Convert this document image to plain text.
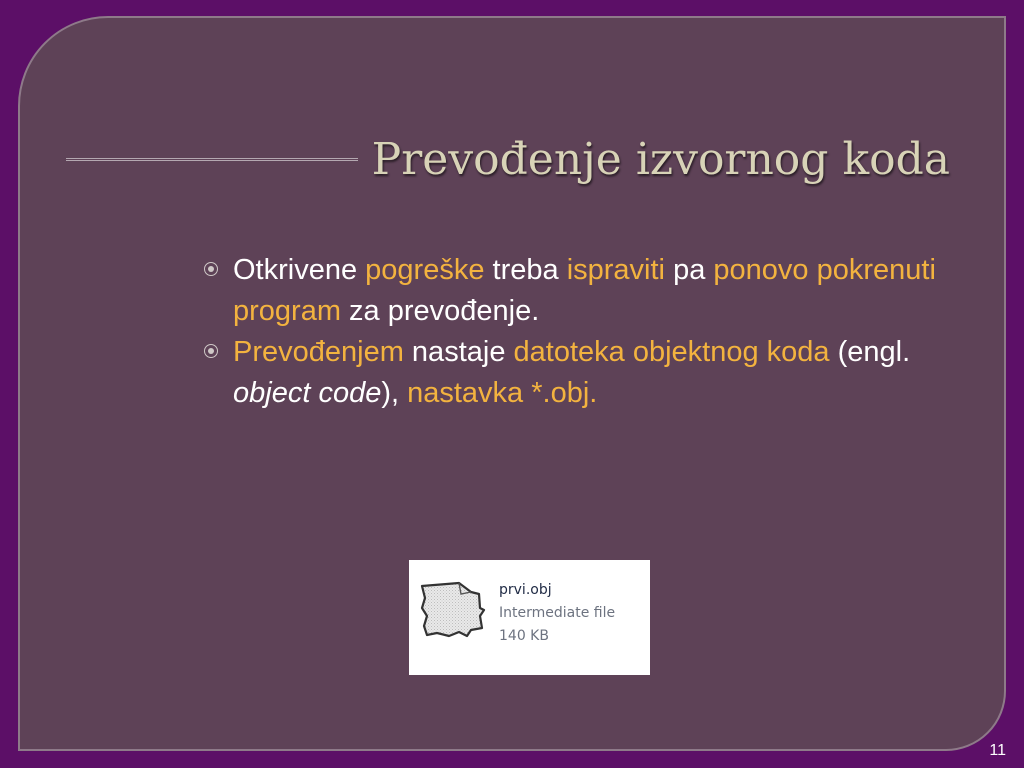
Prevođenje izvornog koda
Otkrivene pogreške treba ispraviti pa ponovo pokrenuti program za prevođenje.
Prevođenjem nastaje datoteka objektnog koda (engl. object code), nastavka *.obj.
prvi.obj
Intermediate file
140 KB
11
